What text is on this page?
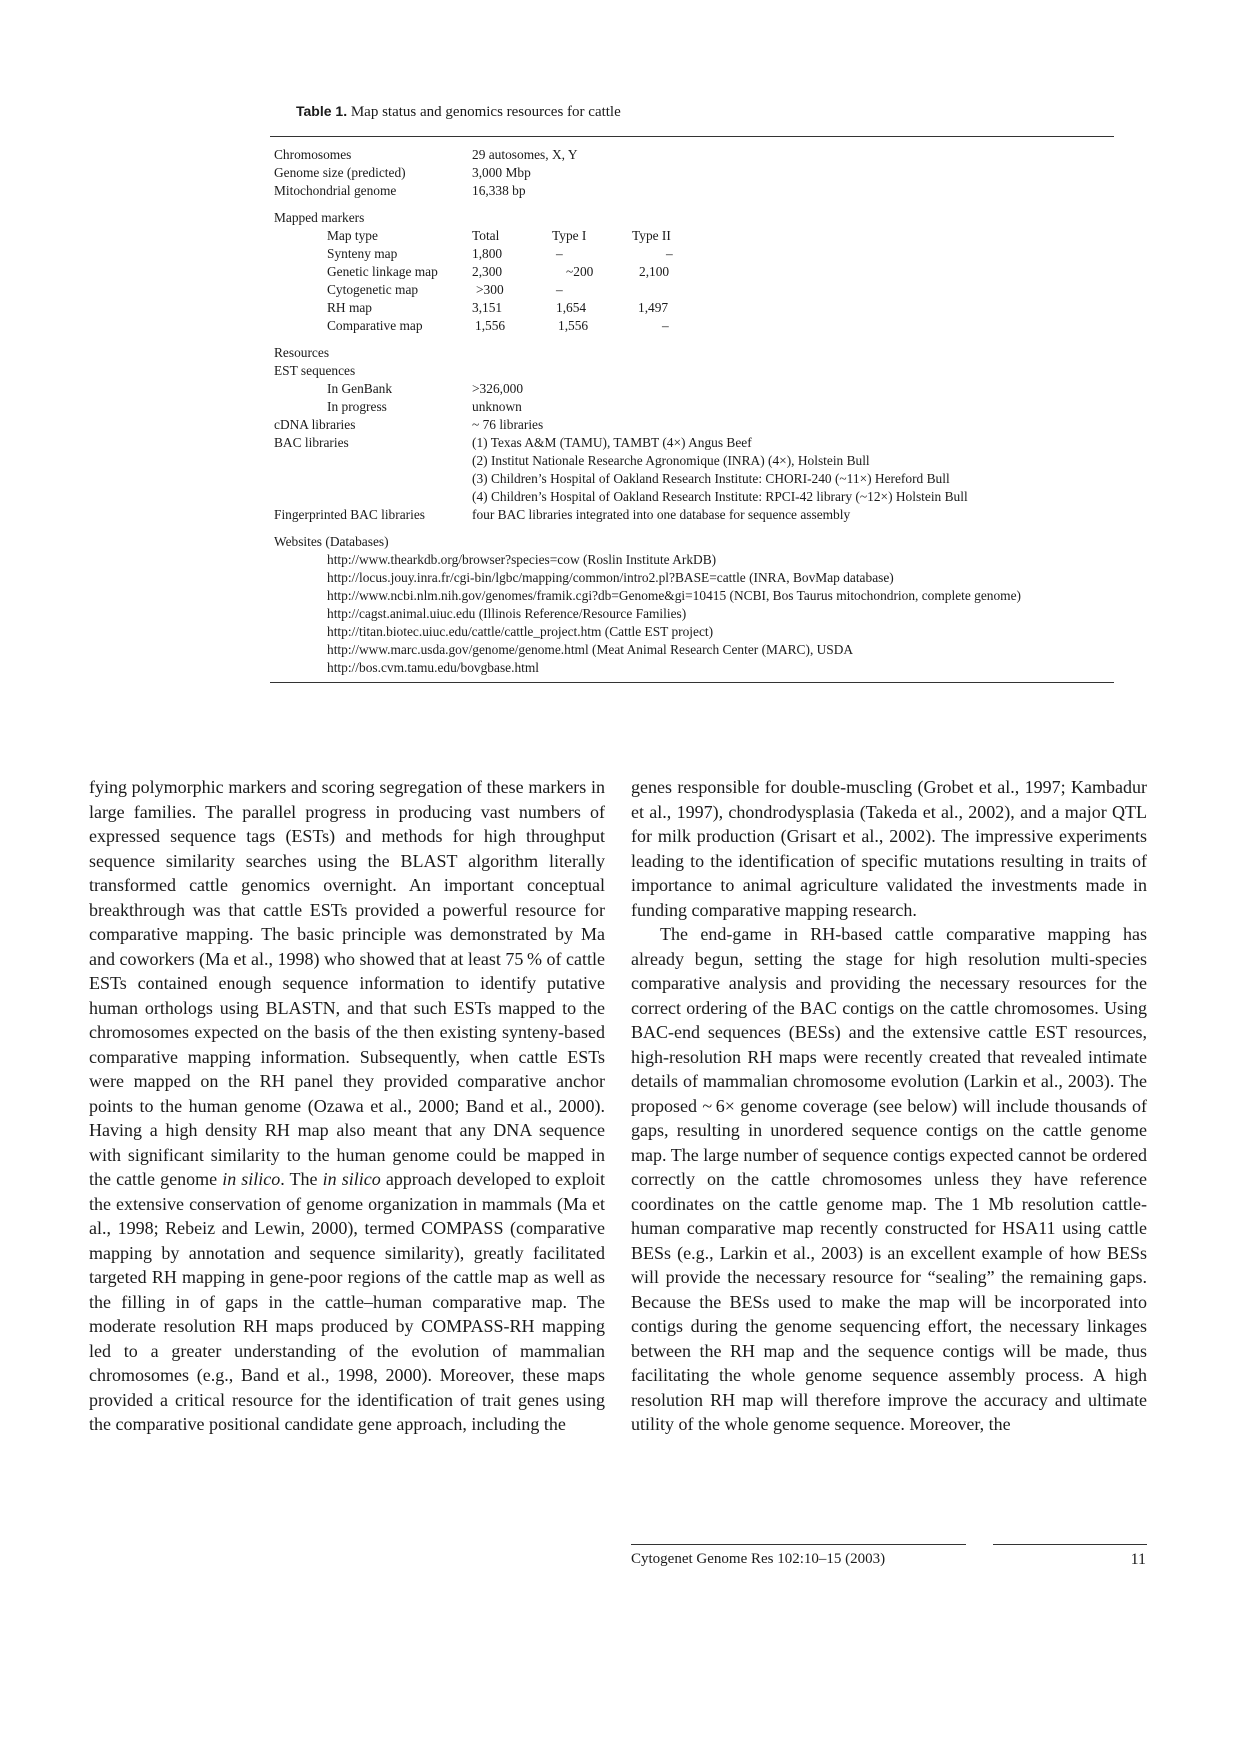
Table 1. Map status and genomics resources for cattle
Chromosomes	29 autosomes, X, Y
Genome size (predicted)	3,000 Mbp
Mitochondrial genome	16,338 bp
Mapped markers
Map type	Total	Type I	Type II
Synteny map	1,800	–	–
Genetic linkage map	2,300	~200	2,100
Cytogenetic map	>300	–
RH map	3,151	1,654	1,497
Comparative map	1,556	1,556	–
Resources
EST sequences
In GenBank	>326,000
In progress	unknown
cDNA libraries	~ 76 libraries
BAC libraries	(1) Texas A&M (TAMU), TAMBT (4×) Angus Beef
(2) Institut Nationale Researche Agronomique (INRA) (4×), Holstein Bull
(3) Children’s Hospital of Oakland Research Institute: CHORI-240 (~11×) Hereford Bull
(4) Children’s Hospital of Oakland Research Institute: RPCI-42 library (~12×) Holstein Bull
Fingerprinted BAC libraries	four BAC libraries integrated into one database for sequence assembly
Websites (Databases)
http://www.thearkdb.org/browser?species=cow (Roslin Institute ArkDB)
http://locus.jouy.inra.fr/cgi-bin/lgbc/mapping/common/intro2.pl?BASE=cattle (INRA, BovMap database)
http://www.ncbi.nlm.nih.gov/genomes/framik.cgi?db=Genome&gi=10415 (NCBI, Bos Taurus mitochondrion, complete genome)
http://cagst.animal.uiuc.edu (Illinois Reference/Resource Families)
http://titan.biotec.uiuc.edu/cattle/cattle_project.htm (Cattle EST project)
http://www.marc.usda.gov/genome/genome.html (Meat Animal Research Center (MARC), USDA
http://bos.cvm.tamu.edu/bovgbase.html

fying polymorphic markers and scoring segregation of these markers in large families. The parallel progress in producing vast numbers of expressed sequence tags (ESTs) and methods for high throughput sequence similarity searches using the BLAST algorithm literally transformed cattle genomics overnight. An important conceptual breakthrough was that cattle ESTs provided a powerful resource for comparative mapping. The basic principle was demonstrated by Ma and coworkers (Ma et al., 1998) who showed that at least 75 % of cattle ESTs contained enough sequence information to identify putative human orthologs using BLASTN, and that such ESTs mapped to the chromosomes expected on the basis of the then existing synteny-based comparative mapping information. Subsequently, when cattle ESTs were mapped on the RH panel they provided comparative anchor points to the human genome (Ozawa et al., 2000; Band et al., 2000). Having a high density RH map also meant that any DNA sequence with significant similarity to the human genome could be mapped in the cattle genome in silico. The in silico approach developed to exploit the extensive conservation of genome organization in mammals (Ma et al., 1998; Rebeiz and Lewin, 2000), termed COMPASS (comparative mapping by annotation and sequence similarity), greatly facilitated targeted RH mapping in gene-poor regions of the cattle map as well as the filling in of gaps in the cattle–human comparative map. The moderate resolution RH maps produced by COMPASS-RH mapping led to a greater understanding of the evolution of mammalian chromosomes (e.g., Band et al., 1998, 2000). Moreover, these maps provided a critical resource for the identification of trait genes using the comparative positional candidate gene approach, including the

genes responsible for double-muscling (Grobet et al., 1997; Kambadur et al., 1997), chondrodysplasia (Takeda et al., 2002), and a major QTL for milk production (Grisart et al., 2002). The impressive experiments leading to the identification of specific mutations resulting in traits of importance to animal agriculture validated the investments made in funding comparative mapping research.

The end-game in RH-based cattle comparative mapping has already begun, setting the stage for high resolution multi-species comparative analysis and providing the necessary resources for the correct ordering of the BAC contigs on the cattle chromosomes. Using BAC-end sequences (BESs) and the extensive cattle EST resources, high-resolution RH maps were recently created that revealed intimate details of mammalian chromosome evolution (Larkin et al., 2003). The proposed ~ 6× genome coverage (see below) will include thousands of gaps, resulting in unordered sequence contigs on the cattle genome map. The large number of sequence contigs expected cannot be ordered correctly on the cattle chromosomes unless they have reference coordinates on the cattle genome map. The 1 Mb resolution cattle-human comparative map recently constructed for HSA11 using cattle BESs (e.g., Larkin et al., 2003) is an excellent example of how BESs will provide the necessary resource for “sealing” the remaining gaps. Because the BESs used to make the map will be incorporated into contigs during the genome sequencing effort, the necessary linkages between the RH map and the sequence contigs will be made, thus facilitating the whole genome sequence assembly process. A high resolution RH map will therefore improve the accuracy and ultimate utility of the whole genome sequence. Moreover, the

Cytogenet Genome Res 102:10–15 (2003)	11
